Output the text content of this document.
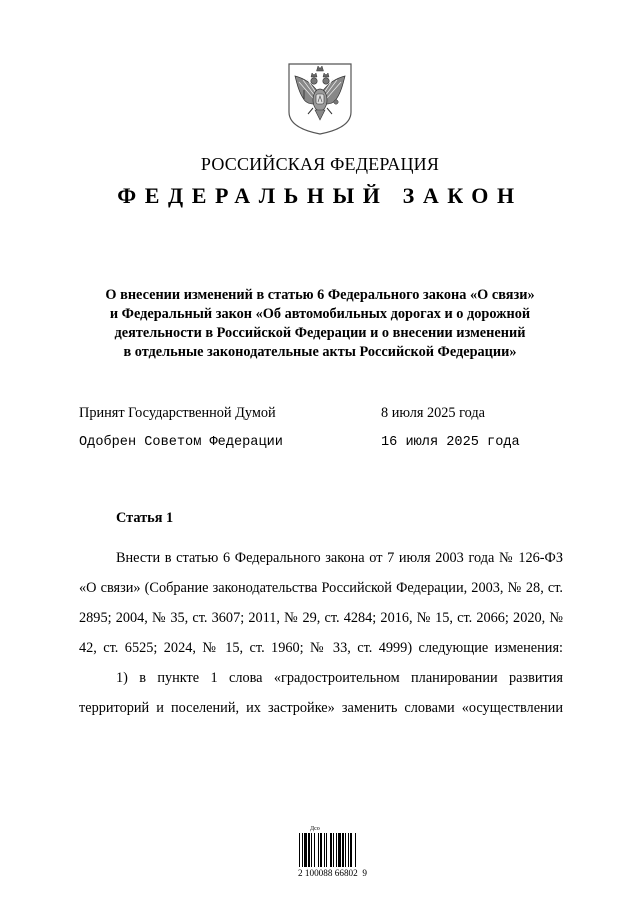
РОССИЙСКАЯ ФЕДЕРАЦИЯ
ФЕДЕРАЛЬНЫЙ ЗАКОН
О внесении изменений в статью 6 Федерального закона «О связи»
и Федеральный закон «Об автомобильных дорогах и о дорожной
деятельности в Российской Федерации и о внесении изменений
в отдельные законодательные акты Российской Федерации»
Принят Государственной Думой	8 июля 2025 года
Одобрен Советом Федерации	16 июля 2025 года
Статья 1

Внести в статью 6 Федерального закона от 7 июля 2003 года № 126-ФЗ «О связи» (Собрание законодательства Российской Федерации, 2003, № 28, ст. 2895; 2004, № 35, ст. 3607; 2011, № 29, ст. 4284; 2016, № 15, ст. 2066; 2020, № 42, ст. 6525; 2024, № 15, ст. 1960; № 33, ст. 4999) следующие изменения:

1) в пункте 1 слова «градостроительном планировании развития территорий и поселений, их застройке» заменить словами «осуществлении

Дсо
2 100088 66802  9
